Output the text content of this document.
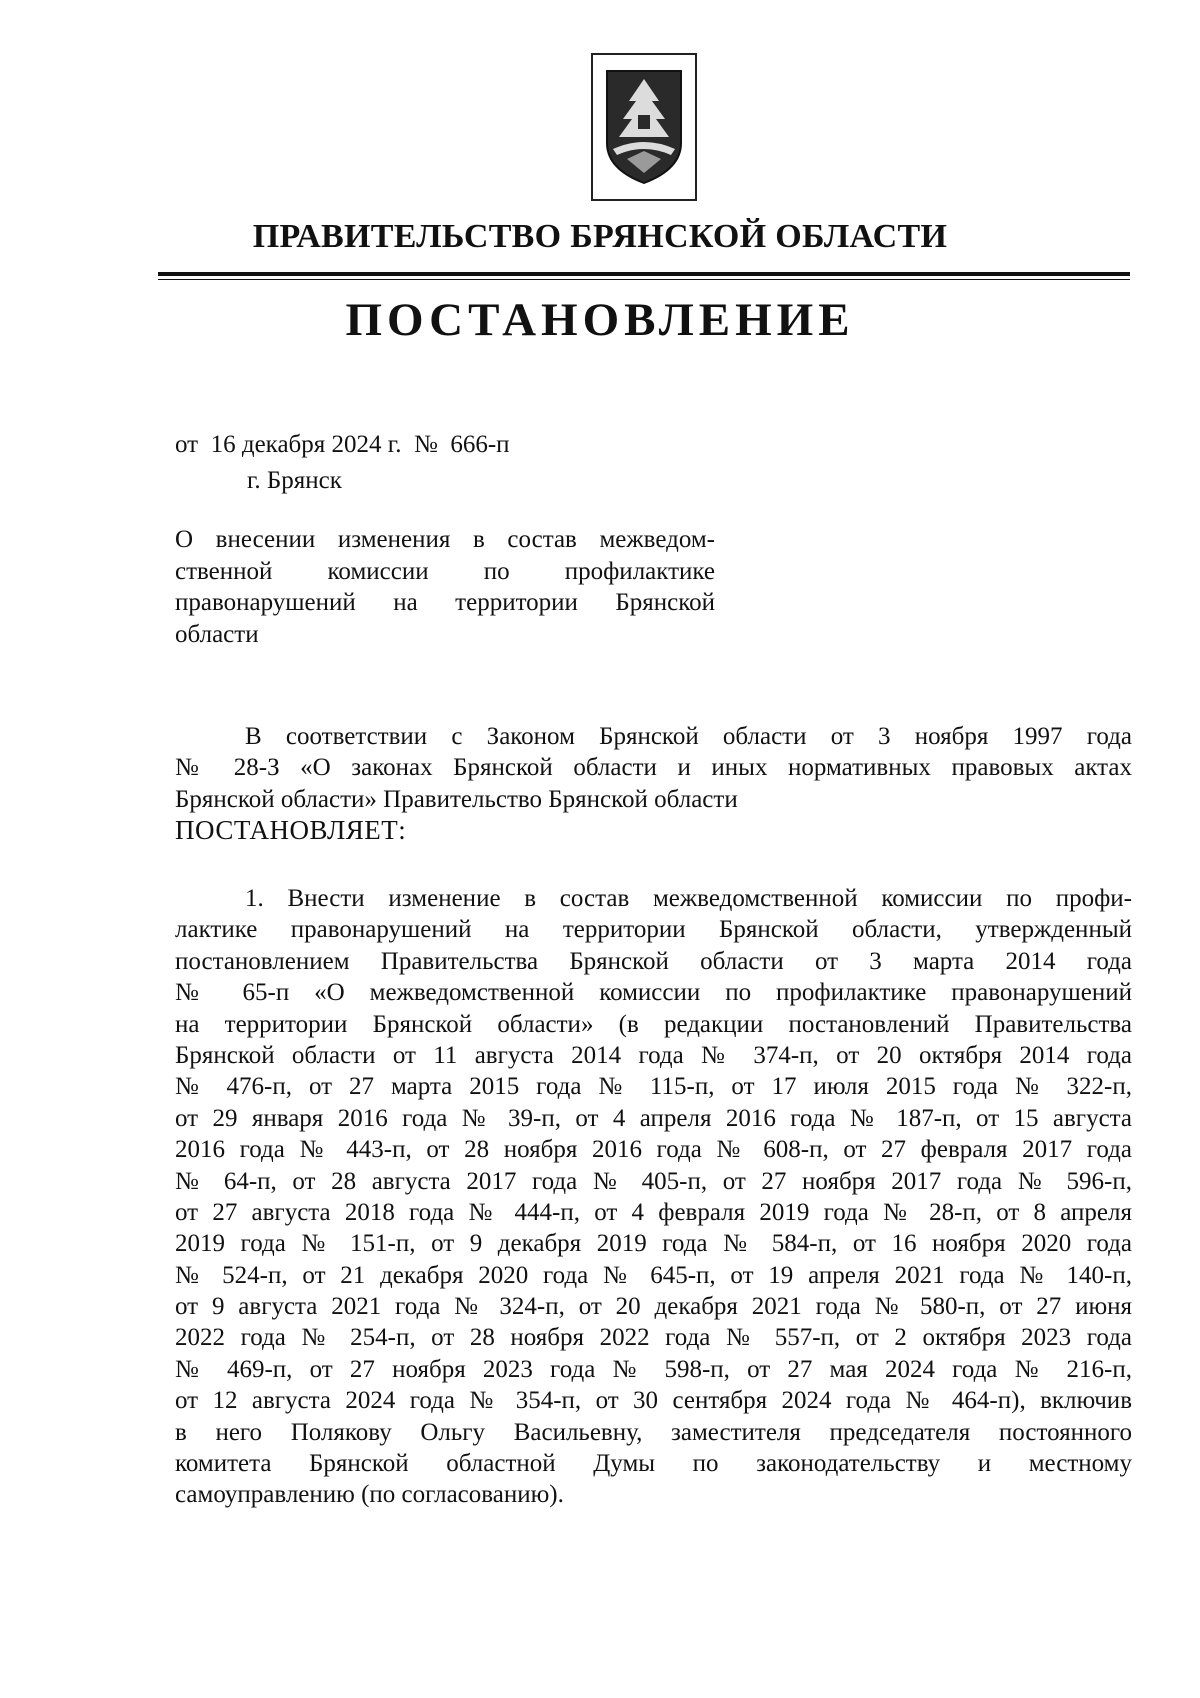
ПРАВИТЕЛЬСТВО БРЯНСКОЙ ОБЛАСТИ
ПОСТАНОВЛЕНИЕ
от 16 декабря 2024 г. № 666-п
г. Брянск
О внесении изменения в состав межведом-
ственной комиссии по профилактике
правонарушений на территории Брянской
области
В соответствии с Законом Брянской области от 3 ноября 1997 года
№ 28-З «О законах Брянской области и иных нормативных правовых актах
Брянской области» Правительство Брянской области
ПОСТАНОВЛЯЕТ:
1. Внести изменение в состав межведомственной комиссии по профи-
лактике правонарушений на территории Брянской области, утвержденный
постановлением Правительства Брянской области от 3 марта 2014 года
№ 65-п «О межведомственной комиссии по профилактике правонарушений
на территории Брянской области» (в редакции постановлений Правительства
Брянской области от 11 августа 2014 года № 374-п, от 20 октября 2014 года
№ 476-п, от 27 марта 2015 года № 115-п, от 17 июля 2015 года № 322-п,
от 29 января 2016 года № 39-п, от 4 апреля 2016 года № 187-п, от 15 августа
2016 года № 443-п, от 28 ноября 2016 года № 608-п, от 27 февраля 2017 года
№ 64-п, от 28 августа 2017 года № 405-п, от 27 ноября 2017 года № 596-п,
от 27 августа 2018 года № 444-п, от 4 февраля 2019 года № 28-п, от 8 апреля
2019 года № 151-п, от 9 декабря 2019 года № 584-п, от 16 ноября 2020 года
№ 524-п, от 21 декабря 2020 года № 645-п, от 19 апреля 2021 года № 140-п,
от 9 августа 2021 года № 324-п, от 20 декабря 2021 года № 580-п, от 27 июня
2022 года № 254-п, от 28 ноября 2022 года № 557-п, от 2 октября 2023 года
№ 469-п, от 27 ноября 2023 года № 598-п, от 27 мая 2024 года № 216-п,
от 12 августа 2024 года № 354-п, от 30 сентября 2024 года № 464-п), включив
в него Полякову Ольгу Васильевну, заместителя председателя постоянного
комитета Брянской областной Думы по законодательству и местному
самоуправлению (по согласованию).
